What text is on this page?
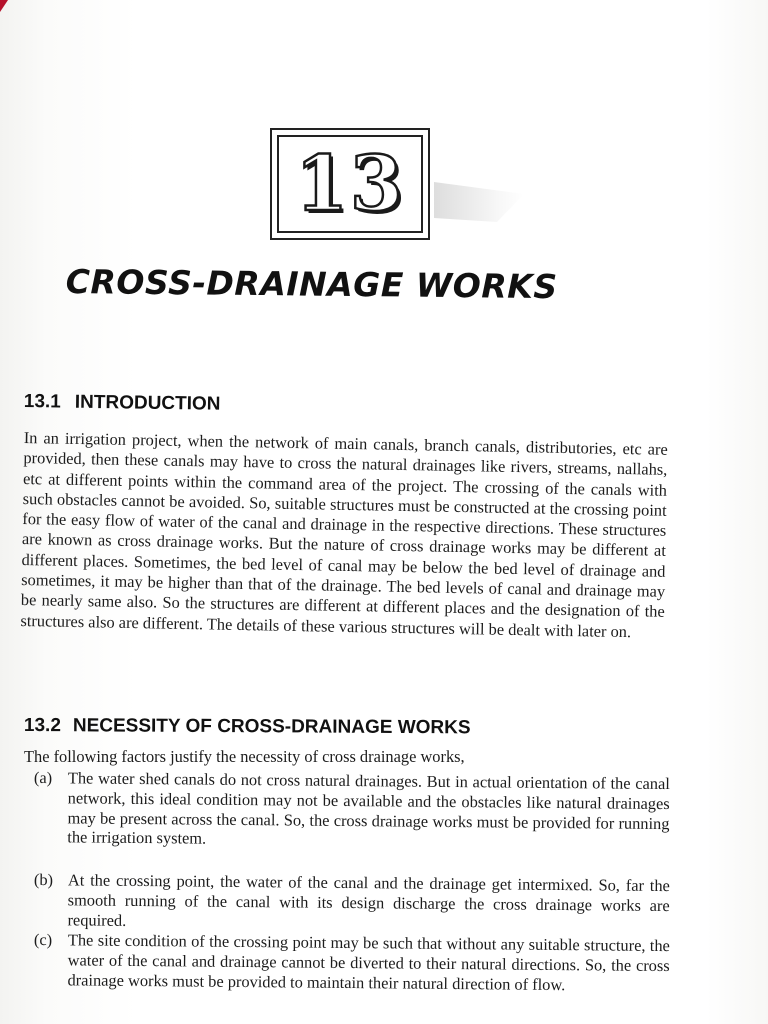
13
CROSS-DRAINAGE WORKS
13.1 INTRODUCTION

In an irrigation project, when the network of main canals, branch canals, distributories, etc are provided, then these canals may have to cross the natural drainages like rivers, streams, nallahs, etc at different points within the command area of the project. The crossing of the canals with such obstacles cannot be avoided. So, suitable structures must be constructed at the crossing point for the easy flow of water of the canal and drainage in the respective directions. These structures are known as cross drainage works. But the nature of cross drainage works may be different at different places. Sometimes, the bed level of canal may be below the bed level of drainage and sometimes, it may be higher than that of the drainage. The bed levels of canal and drainage may be nearly same also. So the structures are different at different places and the designation of the structures also are different. The details of these various structures will be dealt with later on.

13.2 NECESSITY OF CROSS-DRAINAGE WORKS

The following factors justify the necessity of cross drainage works,

(a) The water shed canals do not cross natural drainages. But in actual orientation of the canal network, this ideal condition may not be available and the obstacles like natural drainages may be present across the canal. So, the cross drainage works must be provided for running the irrigation system.
(b) At the crossing point, the water of the canal and the drainage get intermixed. So, far the smooth running of the canal with its design discharge the cross drainage works are required.
(c) The site condition of the crossing point may be such that without any suitable structure, the water of the canal and drainage cannot be diverted to their natural directions. So, the cross drainage works must be provided to maintain their natural direction of flow.
